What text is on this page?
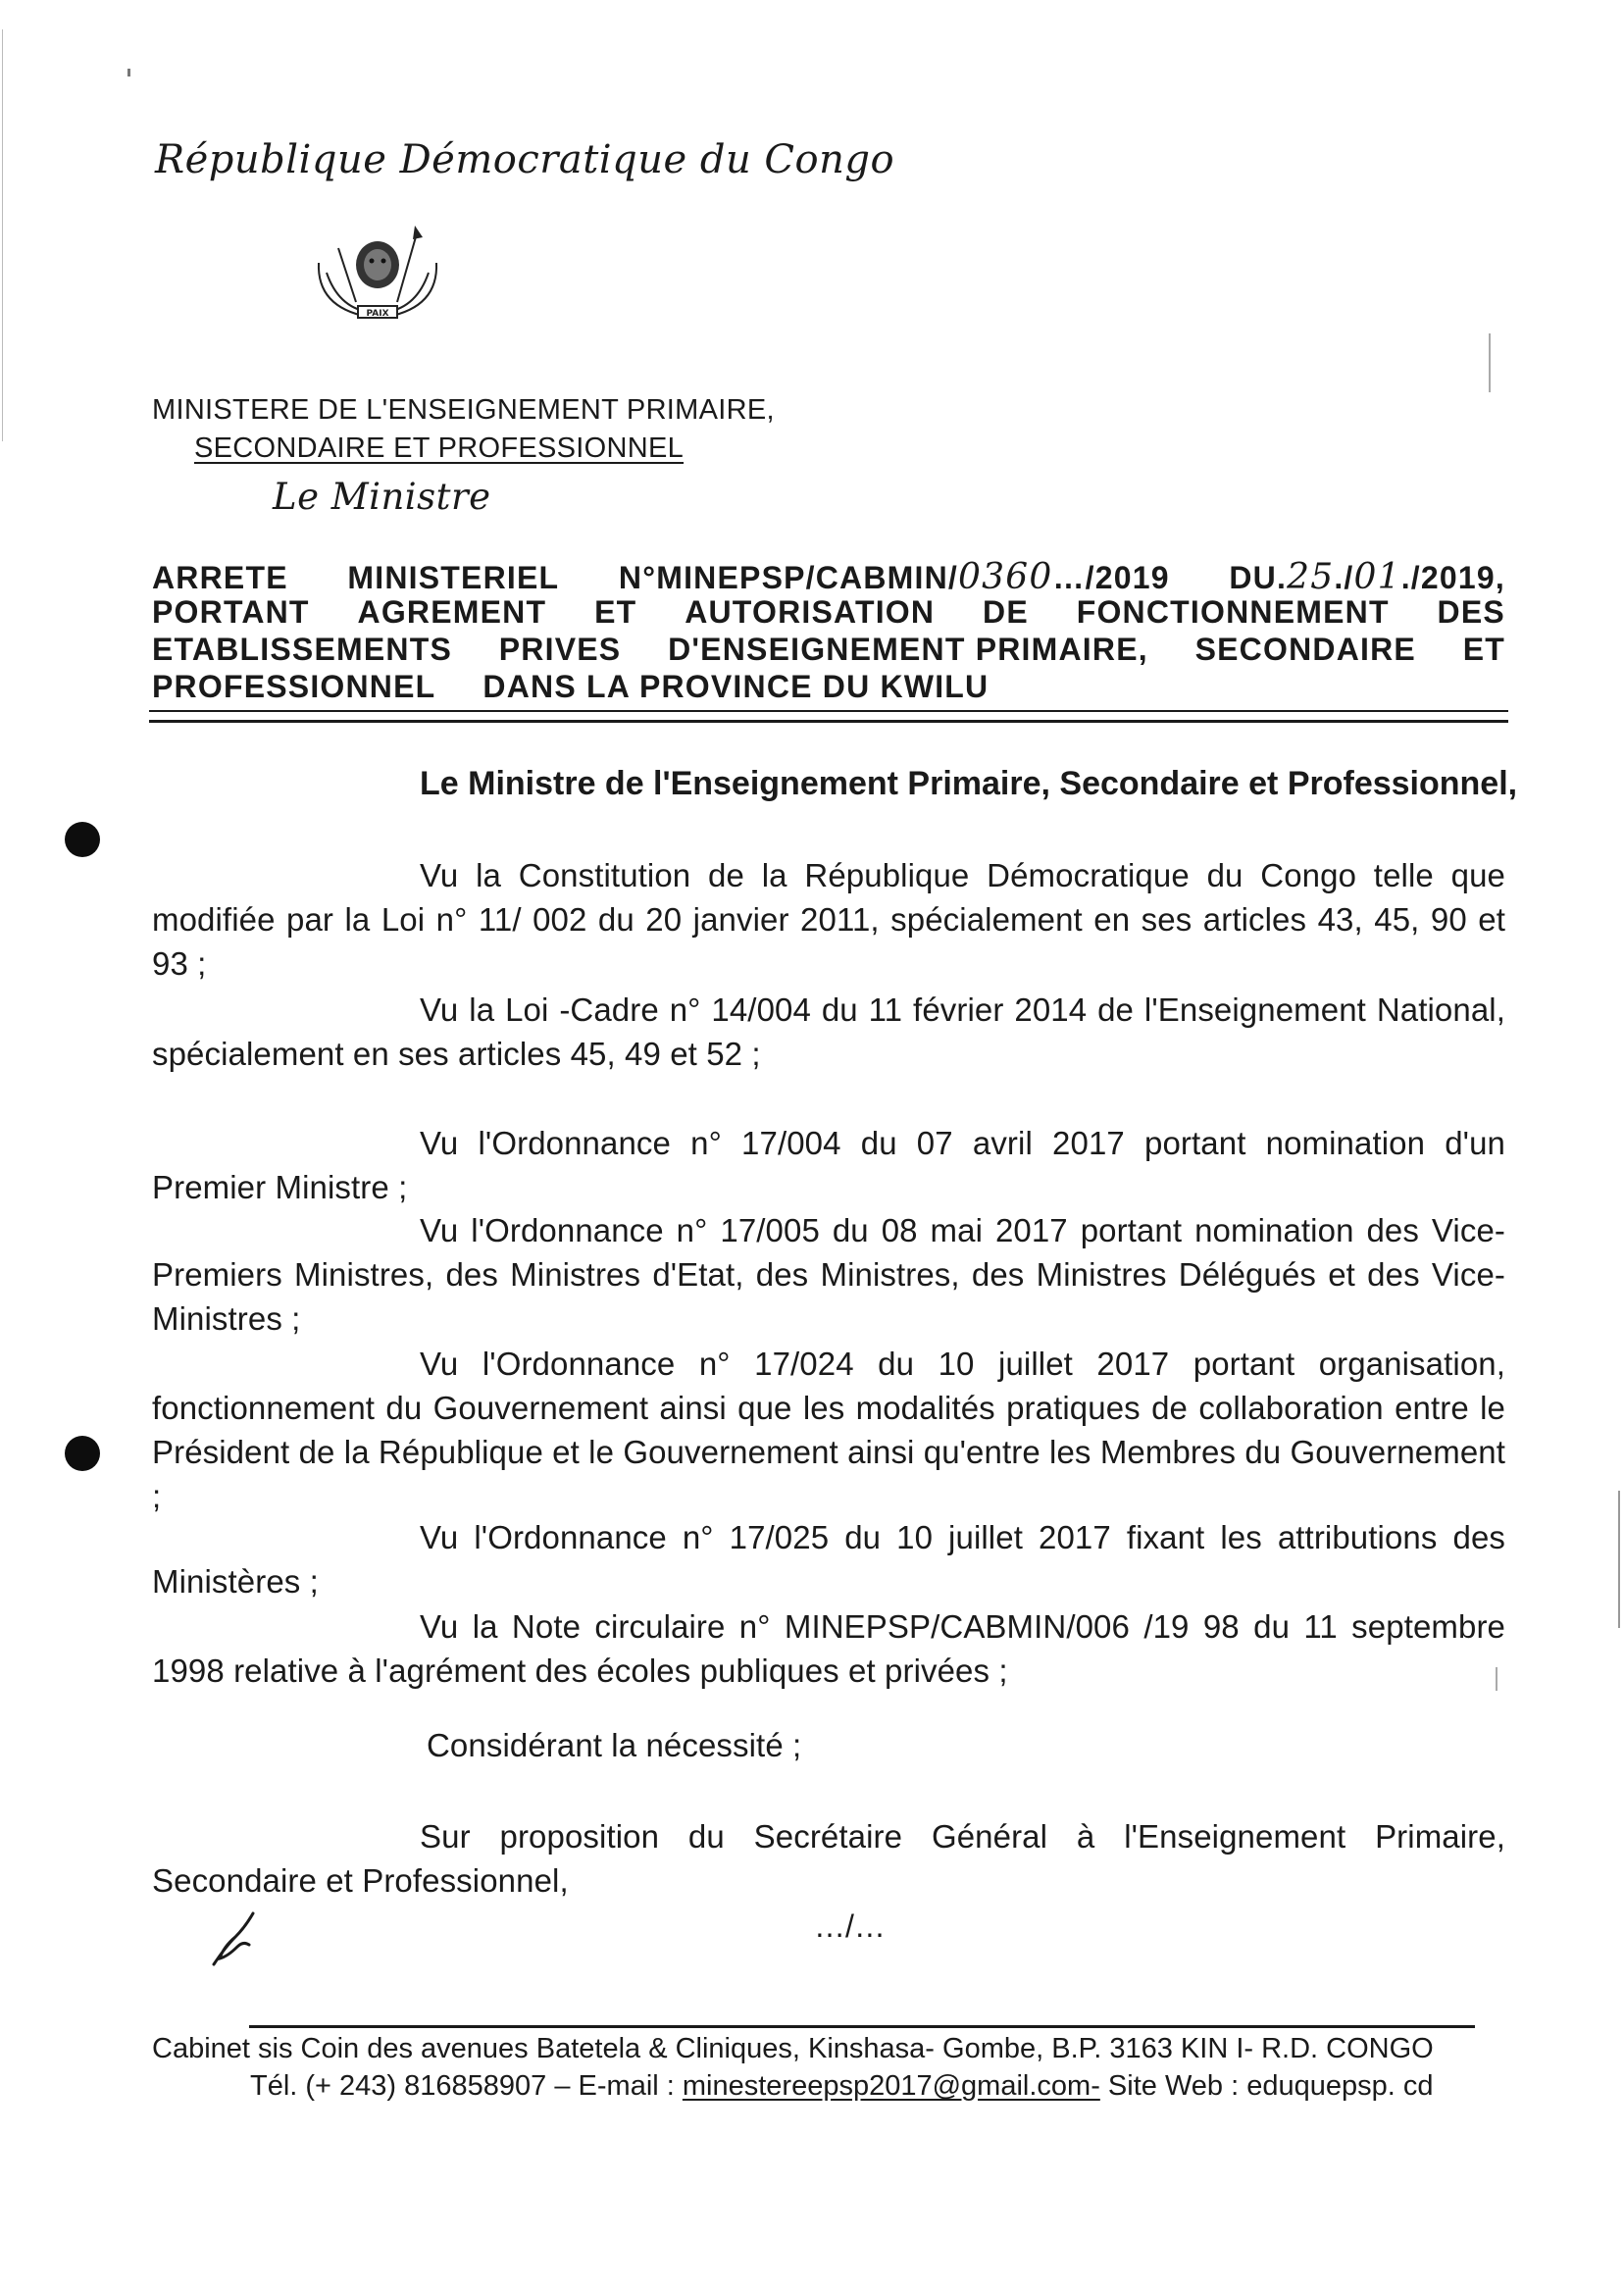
République Démocratique du Congo
PAIX
MINISTERE DE L'ENSEIGNEMENT PRIMAIRE,
SECONDAIRE ET PROFESSIONNEL
Le Ministre
ARRETE MINISTERIEL N°MINEPSP/CABMIN/0360…/2019 DU.25./01./2019,
PORTANT AGREMENT ET AUTORISATION DE FONCTIONNEMENT DES
ETABLISSEMENTS PRIVES D'ENSEIGNEMENT PRIMAIRE, SECONDAIRE ET
PROFESSIONNEL DANS LA PROVINCE DU KWILU
Le Ministre de l'Enseignement Primaire, Secondaire et Professionnel,
Vu la Constitution de la République Démocratique du Congo telle que modifiée par la Loi n° 11/ 002 du 20 janvier 2011, spécialement en ses articles 43, 45, 90 et 93 ;
Vu la Loi -Cadre n° 14/004 du 11 février 2014 de l'Enseignement National, spécialement en ses articles 45, 49 et 52 ;
Vu l'Ordonnance n° 17/004 du 07 avril 2017 portant nomination d'un Premier Ministre ;
Vu l'Ordonnance n° 17/005 du 08 mai 2017 portant nomination des Vice-Premiers Ministres, des Ministres d'Etat, des Ministres, des Ministres Délégués et des Vice-Ministres ;
Vu l'Ordonnance n° 17/024 du 10 juillet 2017 portant organisation, fonctionnement du Gouvernement ainsi que les modalités pratiques de collaboration entre le Président de la République et le Gouvernement ainsi qu'entre les Membres du Gouvernement ;
Vu l'Ordonnance n° 17/025 du 10 juillet 2017 fixant les attributions des Ministères ;
Vu la Note circulaire n° MINEPSP/CABMIN/006 /19 98 du 11 septembre 1998 relative à l'agrément des écoles publiques et privées ;
Considérant la nécessité ;
Sur proposition du Secrétaire Général à l'Enseignement Primaire, Secondaire et Professionnel,
…/…
Cabinet sis Coin des avenues Batetela & Cliniques, Kinshasa- Gombe, B.P. 3163 KIN I- R.D. CONGO
Tél. (+ 243) 816858907 – E-mail : minestereepsp2017@gmail.com- Site Web : eduquepsp. cd
